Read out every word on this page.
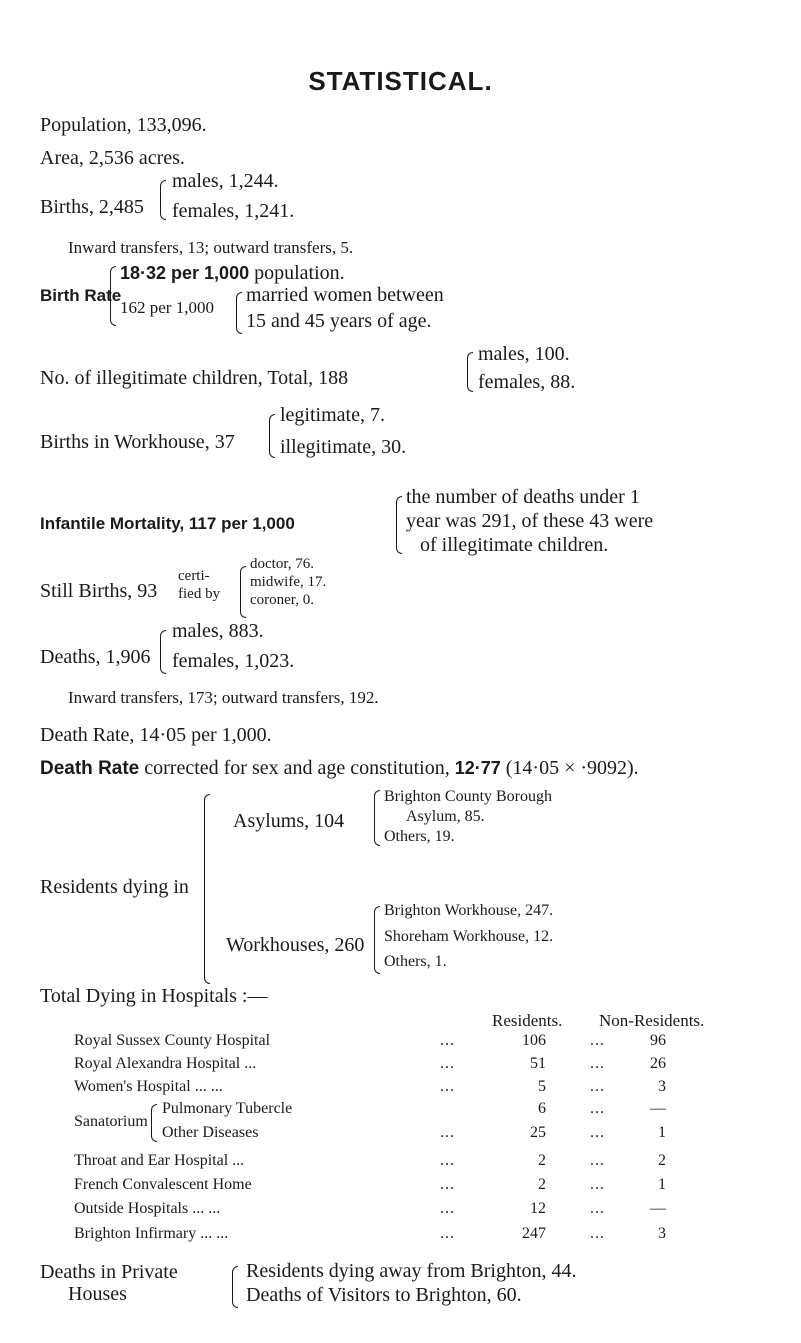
STATISTICAL.
Population, 133,096.
Area, 2,536 acres.
Births, 2,485
males, 1,244.
females, 1,241.
Inward transfers, 13; outward transfers, 5.
Birth Rate
18·32 per 1,000 population.
162 per 1,000
married women between
15 and 45 years of age.
No. of illegitimate children, Total, 188
males, 100.
females, 88.
Births in Workhouse, 37
legitimate, 7.
illegitimate, 30.
Infantile Mortality, 117 per 1,000
the number of deaths under 1
year was 291, of these 43 were
of illegitimate children.
Still Births, 93
certi-
fied by
doctor, 76.
midwife, 17.
coroner, 0.
Deaths, 1,906
males, 883.
females, 1,023.
Inward transfers, 173; outward transfers, 192.
Death Rate, 14·05 per 1,000.
Death Rate corrected for sex and age constitution, 12·77 (14·05 × ·9092).
Residents dying in
Asylums, 104
Brighton County Borough
Asylum, 85.
Others, 19.
Workhouses, 260
Brighton Workhouse, 247.
Shoreham Workhouse, 12.
Others, 1.
Total Dying in Hospitals :—
Residents. Non-Residents.
Royal Sussex County Hospital	...	106	...	96
Royal Alexandra Hospital ...	...	51	...	26
Women's Hospital ... ...	...	5	...	3
Sanatorium
Pulmonary Tubercle	6	...	—
Other Diseases	...	25	...	1
Throat and Ear Hospital ...	...	2	...	2
French Convalescent Home	...	2	...	1
Outside Hospitals ... ...	...	12	...	—
Brighton Infirmary ... ...	...	247	...	3
Deaths in Private
Houses
Residents dying away from Brighton, 44.
Deaths of Visitors to Brighton, 60.
